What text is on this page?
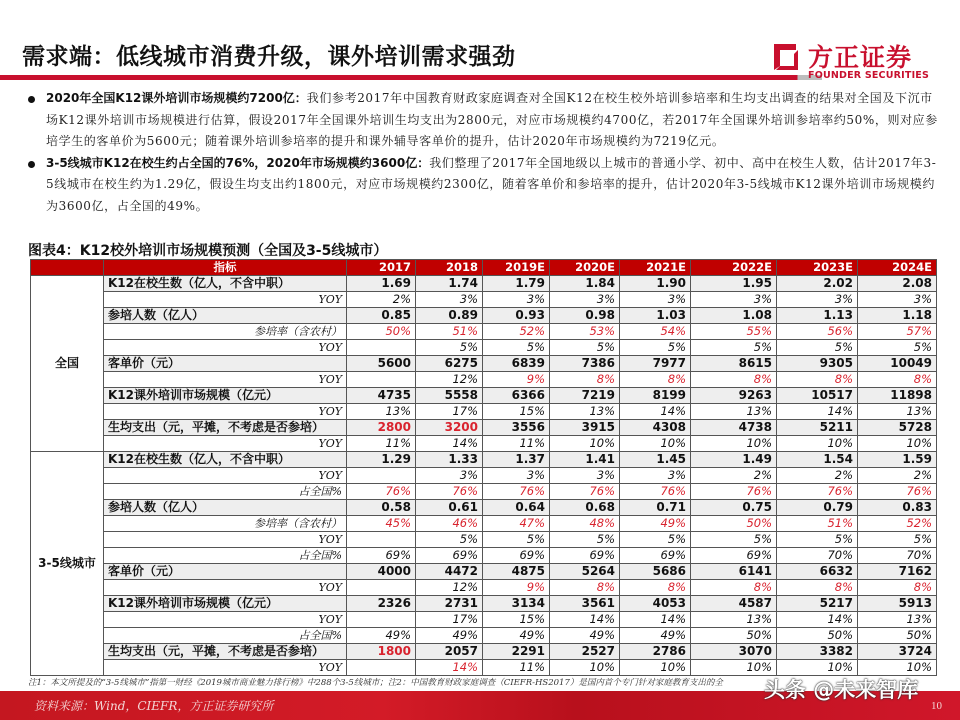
需求端：低线城市消费升级，课外培训需求强劲	方正证券
FOUNDER SECURITIES
2020年全国K12课外培训市场规模约7200亿：我们参考2017年中国教育财政家庭调查对全国K12在校生校外培训参培率和生均支出调查的结果对全国及下沉市场K12课外培训市场规模进行估算，假设2017年全国课外培训生均支出为2800元，对应市场规模约4700亿，若2017年全国课外培训参培率约50%，则对应参培学生的客单价为5600元；随着课外培训参培率的提升和课外辅导客单价的提升，估计2020年市场规模约为7219亿元。
3-5线城市K12在校生约占全国的76%，2020年市场规模约3600亿：我们整理了2017年全国地级以上城市的普通小学、初中、高中在校生人数，估计2017年3-5线城市在校生约为1.29亿，假设生均支出约1800元，对应市场规模约2300亿，随着客单价和参培率的提升，估计2020年3-5线城市K12课外培训市场规模约为3600亿，占全国的49%。
图表4：K12校外培训市场规模预测（全国及3-5线城市）
	指标	2017	2018	2019E	2020E	2021E	2022E	2023E	2024E
全国	K12在校生数（亿人，不含中职）	1.69	1.74	1.79	1.84	1.90	1.95	2.02	2.08
	YOY	2%	3%	3%	3%	3%	3%	3%	3%
	参培人数（亿人）	0.85	0.89	0.93	0.98	1.03	1.08	1.13	1.18
	参培率（含农村）	50%	51%	52%	53%	54%	55%	56%	57%
	YOY		5%	5%	5%	5%	5%	5%	5%
	客单价（元）	5600	6275	6839	7386	7977	8615	9305	10049
	YOY		12%	9%	8%	8%	8%	8%	8%
	K12课外培训市场规模（亿元）	4735	5558	6366	7219	8199	9263	10517	11898
	YOY	13%	17%	15%	13%	14%	13%	14%	13%
	生均支出（元，平摊，不考虑是否参培）	2800	3200	3556	3915	4308	4738	5211	5728
	YOY	11%	14%	11%	10%	10%	10%	10%	10%
3-5线城市	K12在校生数（亿人，不含中职）	1.29	1.33	1.37	1.41	1.45	1.49	1.54	1.59
	YOY		3%	3%	3%	3%	2%	2%	2%
	占全国%	76%	76%	76%	76%	76%	76%	76%	76%
	参培人数（亿人）	0.58	0.61	0.64	0.68	0.71	0.75	0.79	0.83
	参培率（含农村）	45%	46%	47%	48%	49%	50%	51%	52%
	YOY		5%	5%	5%	5%	5%	5%	5%
	占全国%	69%	69%	69%	69%	69%	69%	70%	70%
	客单价（元）	4000	4472	4875	5264	5686	6141	6632	7162
	YOY		12%	9%	8%	8%	8%	8%	8%
	K12课外培训市场规模（亿元）	2326	2731	3134	3561	4053	4587	5217	5913
	YOY		17%	15%	14%	14%	13%	14%	13%
	占全国%	49%	49%	49%	49%	49%	50%	50%	50%
	生均支出（元，平摊，不考虑是否参培）	1800	2057	2291	2527	2786	3070	3382	3724
	YOY		14%	11%	10%	10%	10%	10%	10%
注1：本文所提及的“3-5线城市”指第一财经《2019城市商业魅力排行榜》中288个3-5线城市；注2：中国教育财政家庭调查（CIEFR-HS2017）是国内首个专门针对家庭教育支出的全
资料来源：Wind，CIEFR，方正证券研究所
头条 @未来智库
10
